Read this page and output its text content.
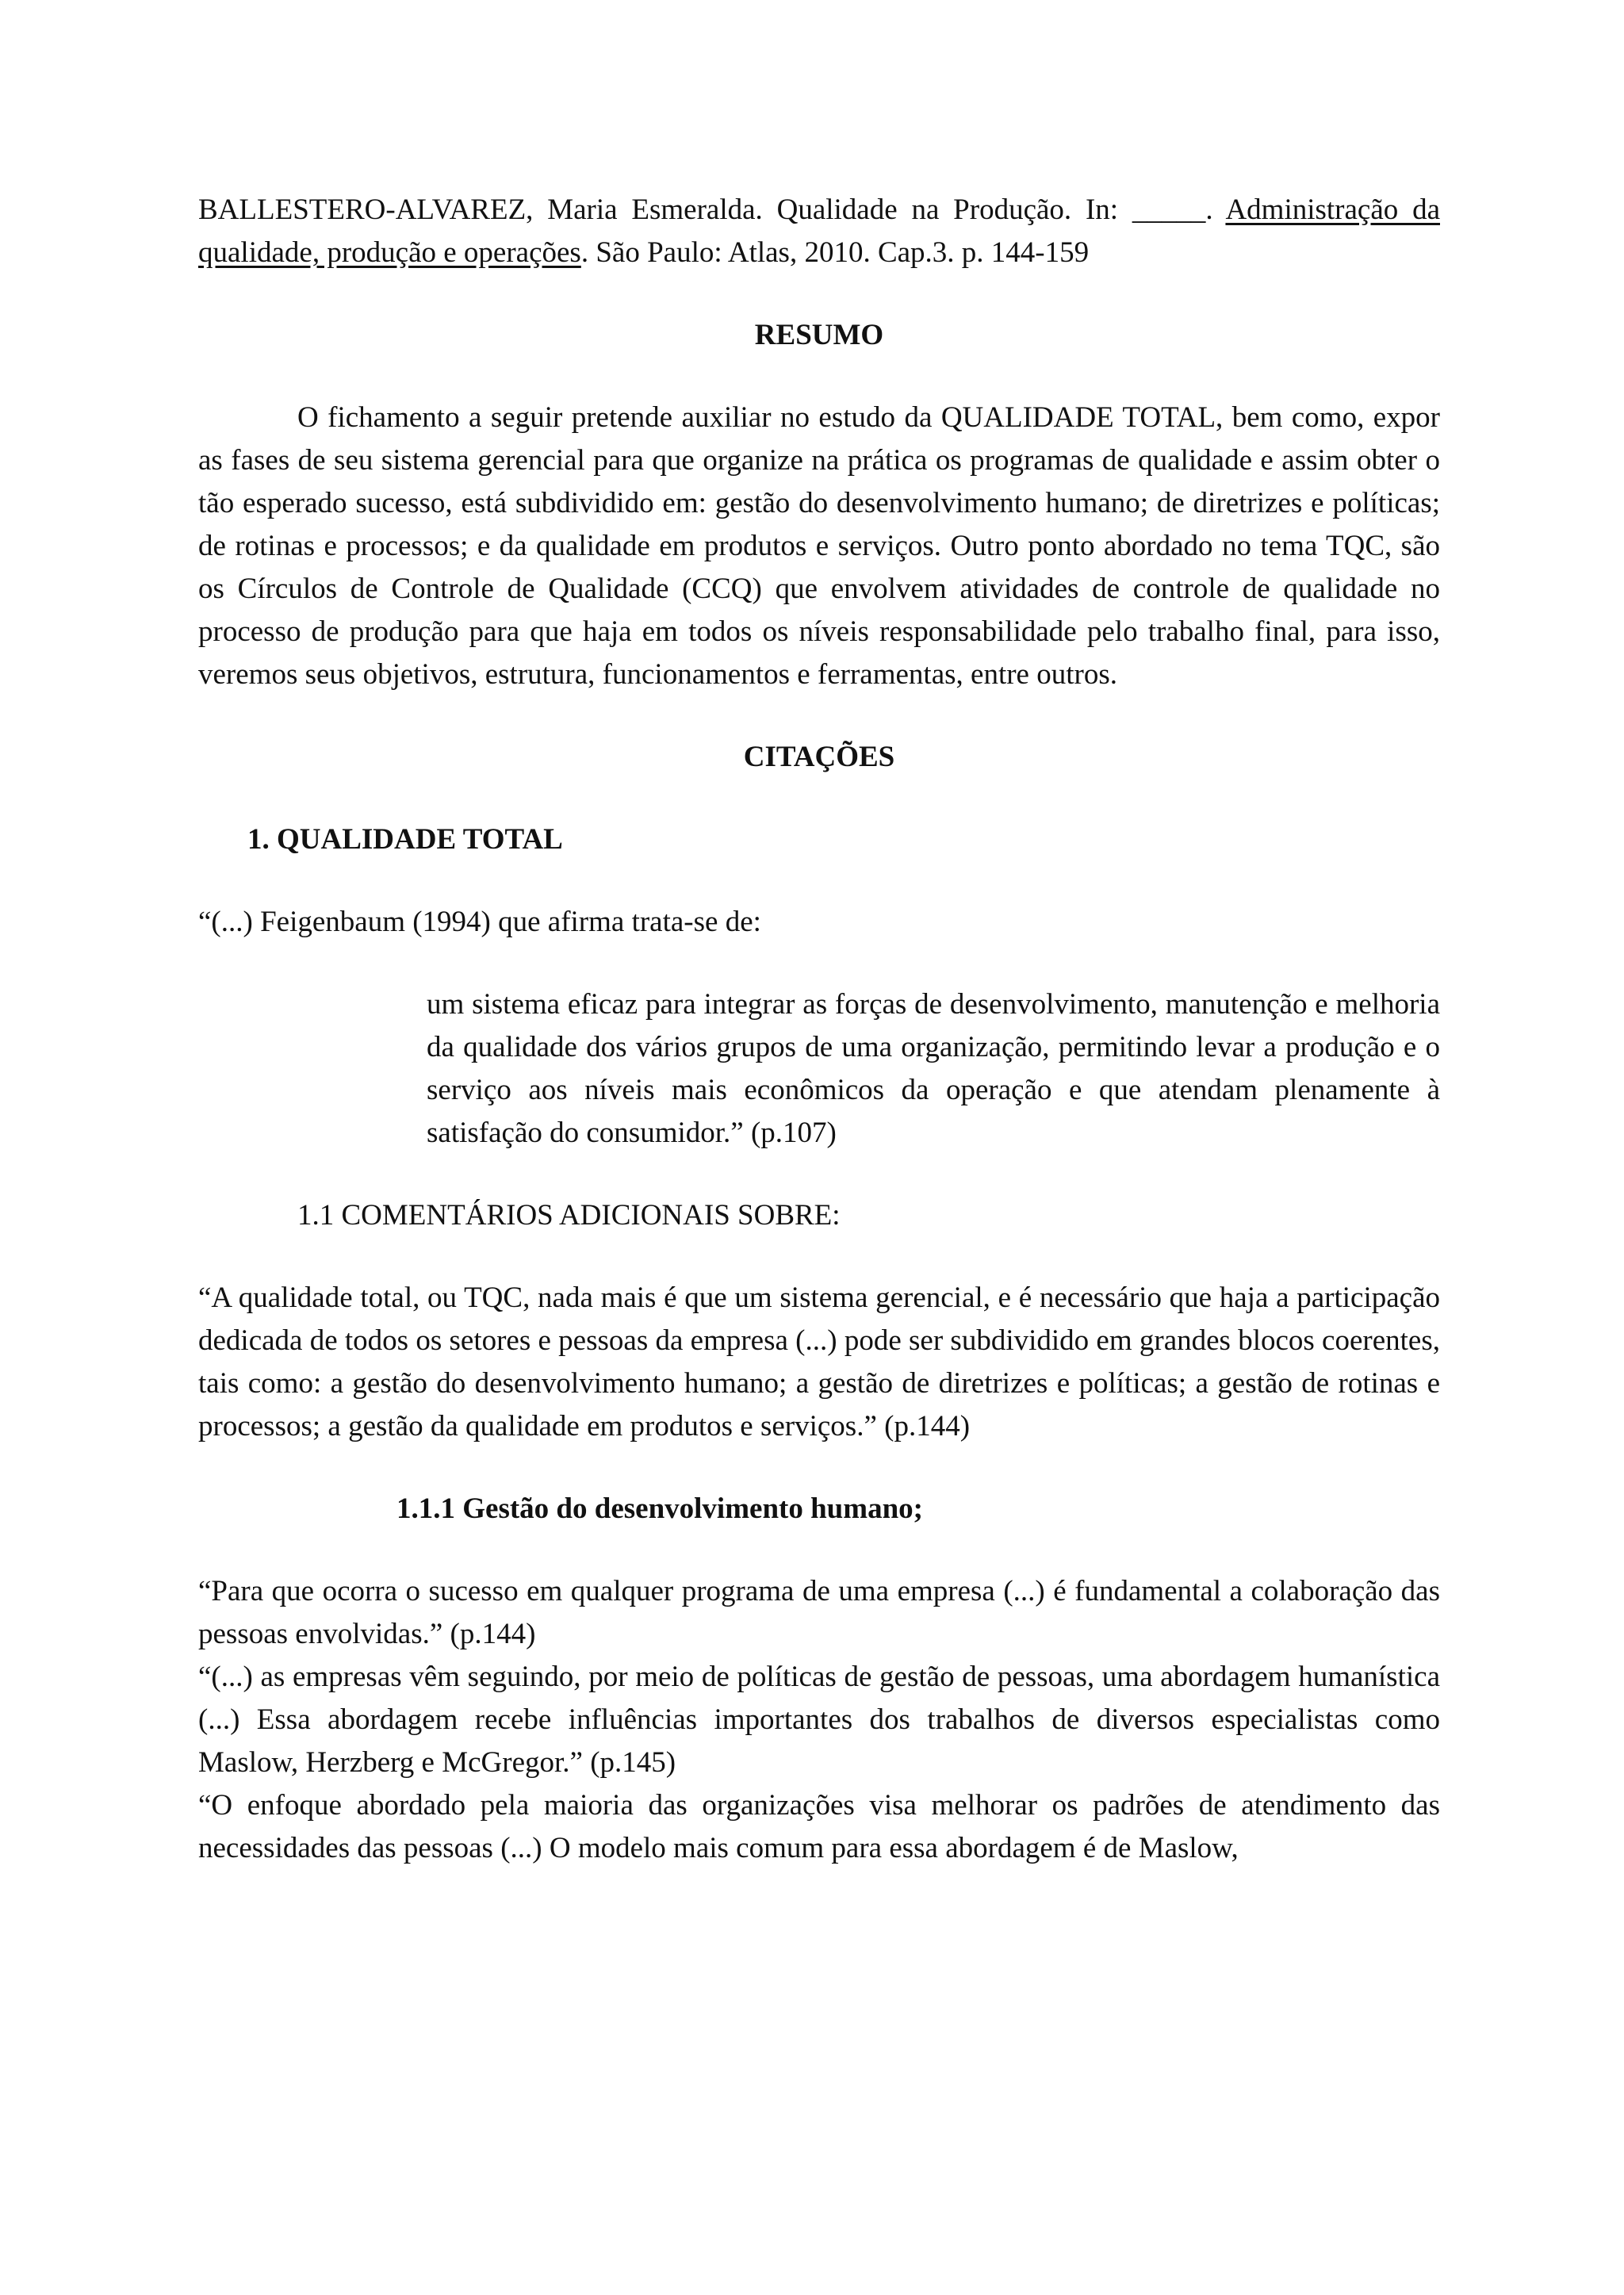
BALLESTERO-ALVAREZ, Maria Esmeralda. Qualidade na Produção. In: _____. Administração da qualidade, produção e operações. São Paulo: Atlas, 2010. Cap.3. p. 144-159

RESUMO

O fichamento a seguir pretende auxiliar no estudo da QUALIDADE TOTAL, bem como, expor as fases de seu sistema gerencial para que organize na prática os programas de qualidade e assim obter o tão esperado sucesso, está subdividido em: gestão do desenvolvimento humano; de diretrizes e políticas; de rotinas e processos; e da qualidade em produtos e serviços. Outro ponto abordado no tema TQC, são os Círculos de Controle de Qualidade (CCQ) que envolvem atividades de controle de qualidade no processo de produção para que haja em todos os níveis responsabilidade pelo trabalho final, para isso, veremos seus objetivos, estrutura, funcionamentos e ferramentas, entre outros.

CITAÇÕES
1. QUALIDADE TOTAL

“(...) Feigenbaum (1994) que afirma trata-se de:

um sistema eficaz para integrar as forças de desenvolvimento, manutenção e melhoria da qualidade dos vários grupos de uma organização, permitindo levar a produção e o serviço aos níveis mais econômicos da operação e que atendam plenamente à satisfação do consumidor.” (p.107)

1.1 COMENTÁRIOS ADICIONAIS SOBRE:

“A qualidade total, ou TQC, nada mais é que um sistema gerencial, e é necessário que haja a participação dedicada de todos os setores e pessoas da empresa (...) pode ser subdividido em grandes blocos coerentes, tais como: a gestão do desenvolvimento humano; a gestão de diretrizes e políticas; a gestão de rotinas e processos; a gestão da qualidade em produtos e serviços.” (p.144)

1.1.1 Gestão do desenvolvimento humano;

“Para que ocorra o sucesso em qualquer programa de uma empresa (...) é fundamental a colaboração das pessoas envolvidas.” (p.144)

“(...) as empresas vêm seguindo, por meio de políticas de gestão de pessoas, uma abordagem humanística (...) Essa abordagem recebe influências importantes dos trabalhos de diversos especialistas como Maslow, Herzberg e McGregor.” (p.145)

“O enfoque abordado pela maioria das organizações visa melhorar os padrões de atendimento das necessidades das pessoas (...) O modelo mais comum para essa abordagem é de Maslow,
